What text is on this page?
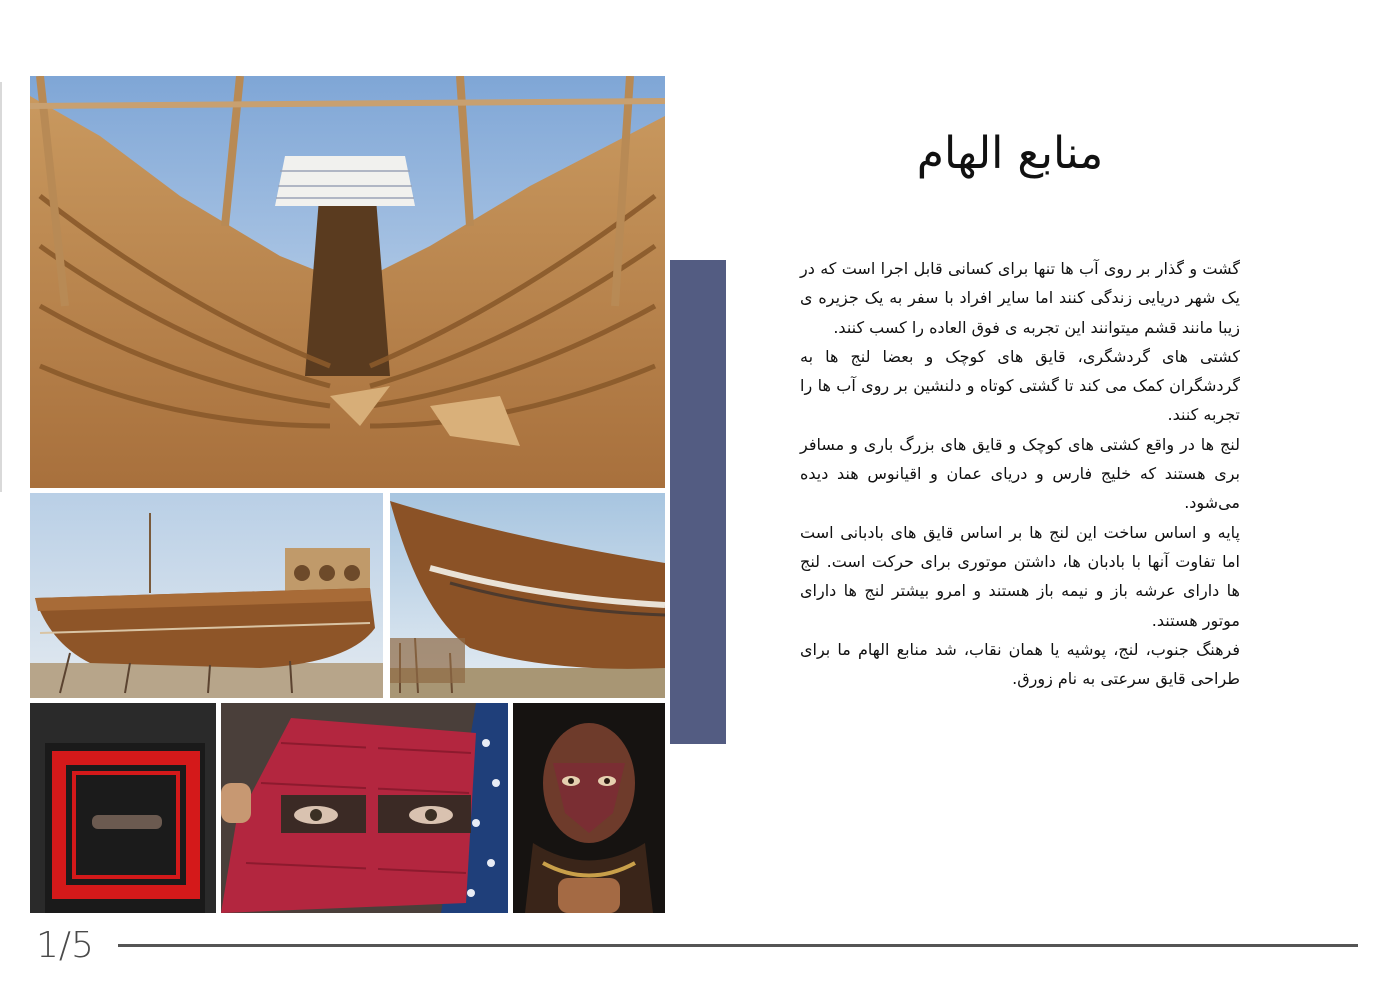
منابع الهام

گشت و گذار بر روی آب ها تنها برای کسانی قابل اجرا است که در یک شهر دریایی زندگی کنند اما سایر افراد با سفر به یک جزیره ی زیبا مانند قشم میتوانند این تجربه ی فوق العاده را کسب کنند.

کشتی های گردشگری، قایق های کوچک و بعضا لنج ها به گردشگران کمک می کند تا گشتی کوتاه و دلنشین بر روی آب ها را تجربه کنند.

لنج ها در واقع کشتی های کوچک و قایق های بزرگ باری و مسافر بری هستند که خلیج فارس و دریای عمان و اقیانوس هند دیده می‌شود.

پایه و اساس ساخت این لنج ها بر اساس قایق های بادبانی است اما تفاوت آنها با بادبان ها، داشتن موتوری برای حرکت است. لنج ها دارای عرشه باز و نیمه باز هستند و امرو بیشتر لنج ها دارای موتور هستند.

فرهنگ جنوب، لنج، پوشیه یا همان نقاب، شد منابع الهام ما برای طراحی قایق سرعتی به نام زورق.

1/5
